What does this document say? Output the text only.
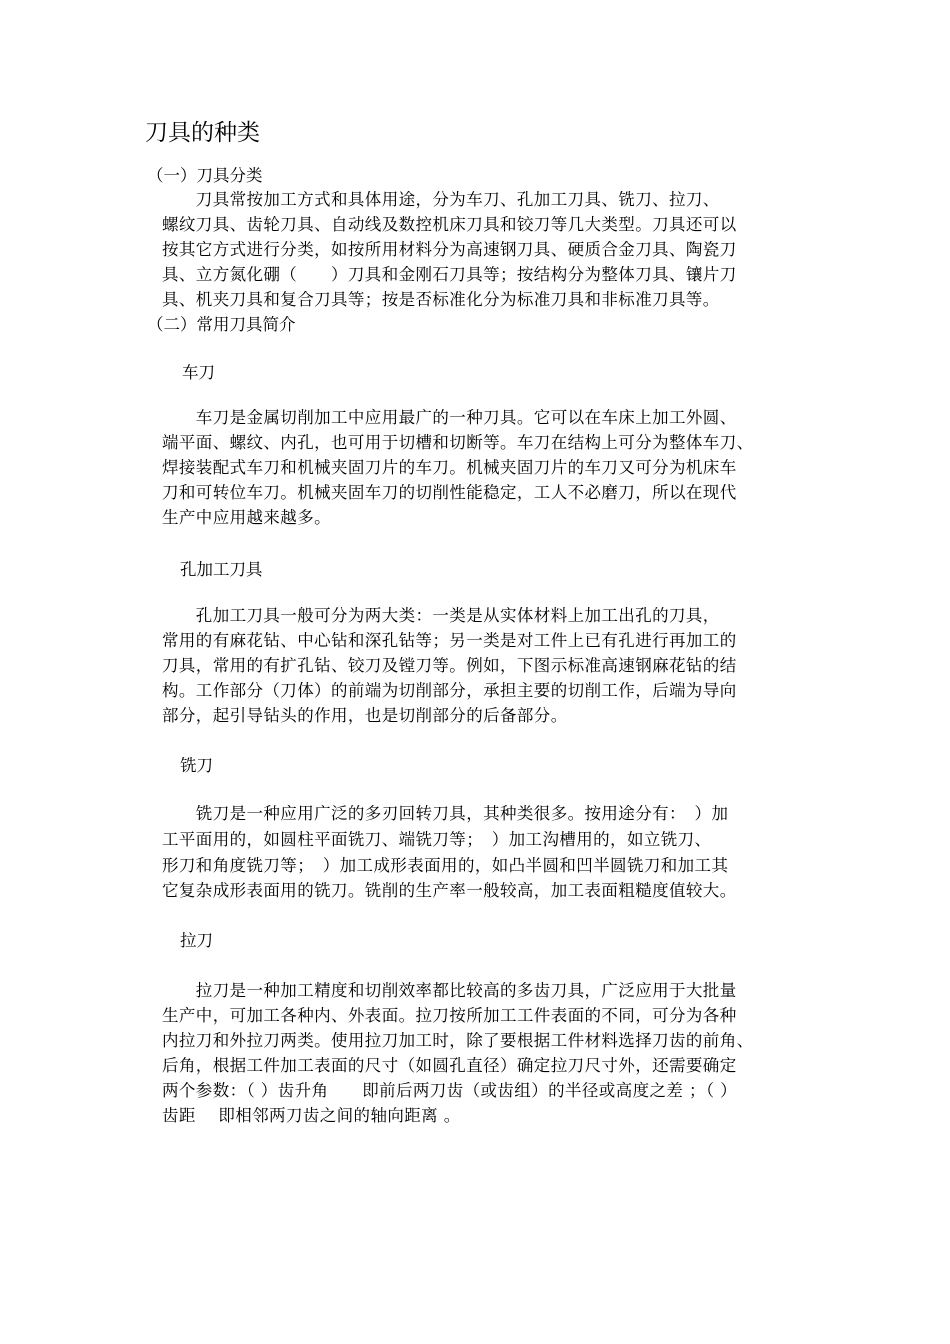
刀具的种类
（一）刀具分类
　　刀具常按加工方式和具体用途，分为车刀、孔加工刀具、铣刀、拉刀、
螺纹刀具、齿轮刀具、自动线及数控机床刀具和铰刀等几大类型。刀具还可以
按其它方式进行分类，如按所用材料分为高速钢刀具、硬质合金刀具、陶瓷刀
具、立方氮化硼（　　）刀具和金刚石刀具等；按结构分为整体刀具、镶片刀
具、机夹刀具和复合刀具等；按是否标准化分为标准刀具和非标准刀具等。
（二）常用刀具简介
车刀
　　车刀是金属切削加工中应用最广的一种刀具。它可以在车床上加工外圆、
端平面、螺纹、内孔，也可用于切槽和切断等。车刀在结构上可分为整体车刀、
焊接装配式车刀和机械夹固刀片的车刀。机械夹固刀片的车刀又可分为机床车
刀和可转位车刀。机械夹固车刀的切削性能稳定，工人不必磨刀，所以在现代
生产中应用越来越多。
孔加工刀具
　　孔加工刀具一般可分为两大类：一类是从实体材料上加工出孔的刀具，
常用的有麻花钻、中心钻和深孔钻等；另一类是对工件上已有孔进行再加工的
刀具，常用的有扩孔钻、铰刀及镗刀等。例如，下图示标准高速钢麻花钻的结
构。工作部分（刀体）的前端为切削部分，承担主要的切削工作，后端为导向
部分，起引导钻头的作用，也是切削部分的后备部分。
铣刀
　　铣刀是一种应用广泛的多刃回转刀具，其种类很多。按用途分有：　）加
工平面用的，如圆柱平面铣刀、端铣刀等；　）加工沟槽用的，如立铣刀、
形刀和角度铣刀等；　）加工成形表面用的，如凸半圆和凹半圆铣刀和加工其
它复杂成形表面用的铣刀。铣削的生产率一般较高，加工表面粗糙度值较大。
拉刀
　　拉刀是一种加工精度和切削效率都比较高的多齿刀具，广泛应用于大批量
生产中，可加工各种内、外表面。拉刀按所加工工件表面的不同，可分为各种
内拉刀和外拉刀两类。使用拉刀加工时，除了要根据工件材料选择刀齿的前角、
后角，根据工件加工表面的尺寸（如圆孔直径）确定拉刀尺寸外，还需要确定
两个参数：（ ）齿升角　　即前后两刀齿（或齿组）的半径或高度之差 ；（ ）
齿距　 即相邻两刀齿之间的轴向距离 。
